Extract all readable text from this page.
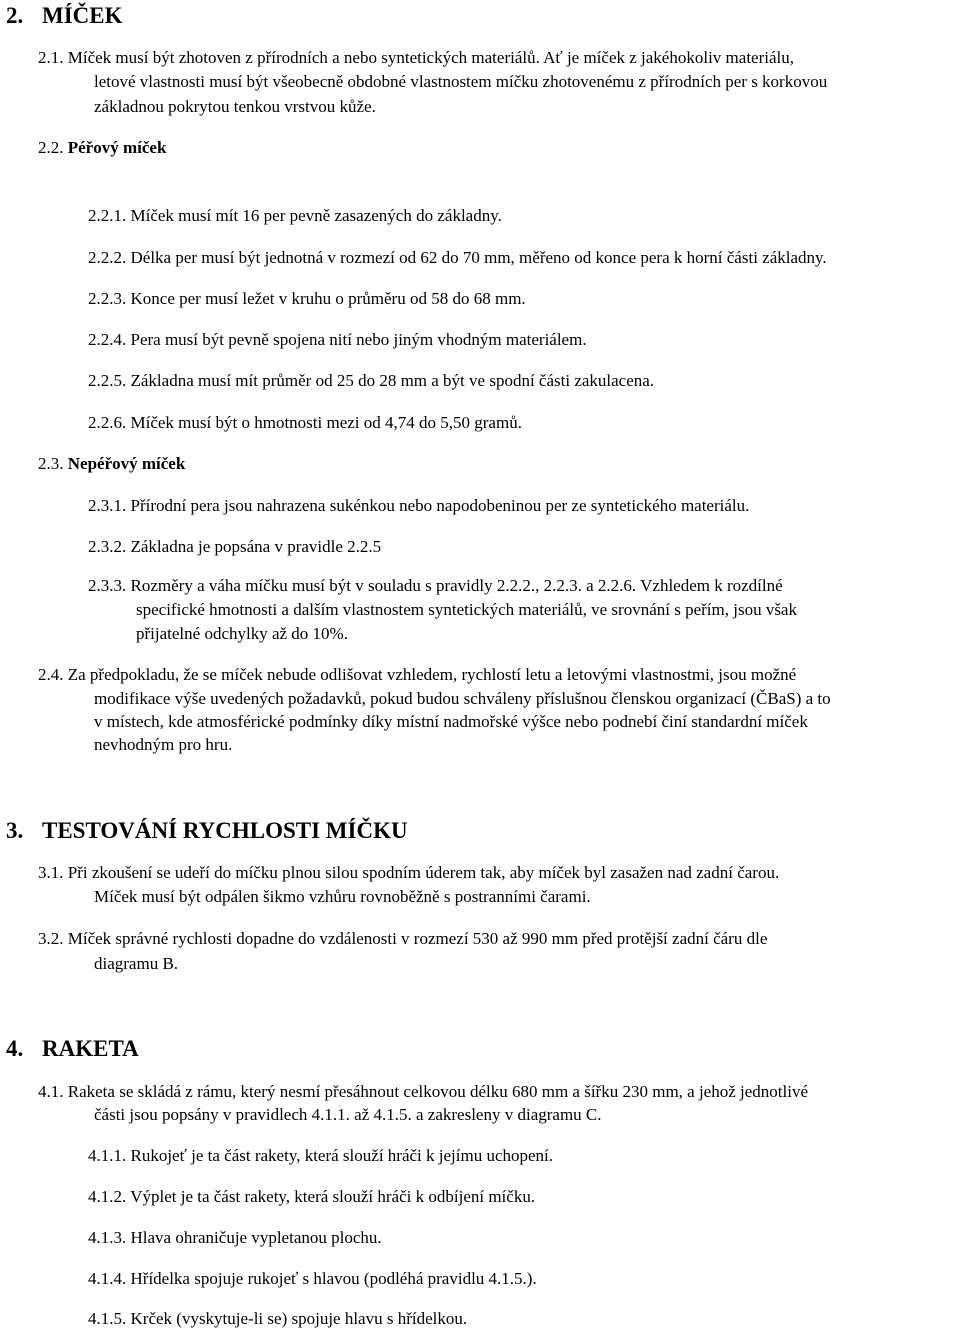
2. MÍČEK
2.1. Míček musí být zhotoven z přírodních a nebo syntetických materiálů. Ať je míček z jakéhokoliv materiálu,
letové vlastnosti musí být všeobecně obdobné vlastnostem míčku zhotovenému z přírodních per s korkovou
základnou pokrytou tenkou vrstvou kůže.
2.2. Péřový míček
2.2.1. Míček musí mít 16 per pevně zasazených do základny.
2.2.2. Délka per musí být jednotná v rozmezí od 62 do 70 mm, měřeno od konce pera k horní části základny.
2.2.3. Konce per musí ležet v kruhu o průměru od 58 do 68 mm.
2.2.4. Pera musí být pevně spojena nití nebo jiným vhodným materiálem.
2.2.5. Základna musí mít průměr od 25 do 28 mm a být ve spodní části zakulacena.
2.2.6. Míček musí být o hmotnosti mezi od 4,74 do 5,50 gramů.
2.3. Nepéřový míček
2.3.1. Přírodní pera jsou nahrazena sukénkou nebo napodobeninou per ze syntetického materiálu.
2.3.2. Základna je popsána v pravidle 2.2.5
2.3.3. Rozměry a váha míčku musí být v souladu s pravidly 2.2.2., 2.2.3. a 2.2.6. Vzhledem k rozdílné
specifické hmotnosti a dalším vlastnostem syntetických materiálů, ve srovnání s peřím, jsou však
přijatelné odchylky až do 10%.
2.4. Za předpokladu, že se míček nebude odlišovat vzhledem, rychlostí letu a letovými vlastnostmi, jsou možné
modifikace výše uvedených požadavků, pokud budou schváleny příslušnou členskou organizací (ČBaS) a to
v místech, kde atmosférické podmínky díky místní nadmořské výšce nebo podnebí činí standardní míček
nevhodným pro hru.
3. TESTOVÁNÍ RYCHLOSTI MÍČKU
3.1. Při zkoušení se udeří do míčku plnou silou spodním úderem tak, aby míček byl zasažen nad zadní čarou.
Míček musí být odpálen šikmo vzhůru rovnoběžně s postranními čarami.
3.2. Míček správné rychlosti dopadne do vzdálenosti v rozmezí 530 až 990 mm před protější zadní čáru dle
diagramu B.
4. RAKETA
4.1. Raketa se skládá z rámu, který nesmí přesáhnout celkovou délku 680 mm a šířku 230 mm, a jehož jednotlivé
části jsou popsány v pravidlech 4.1.1. až 4.1.5. a zakresleny v diagramu C.
4.1.1. Rukojeť je ta část rakety, která slouží hráči k jejímu uchopení.
4.1.2. Výplet je ta část rakety, která slouží hráči k odbíjení míčku.
4.1.3. Hlava ohraničuje vypletanou plochu.
4.1.4. Hřídelka spojuje rukojeť s hlavou (podléhá pravidlu 4.1.5.).
4.1.5. Krček (vyskytuje-li se) spojuje hlavu s hřídelkou.
